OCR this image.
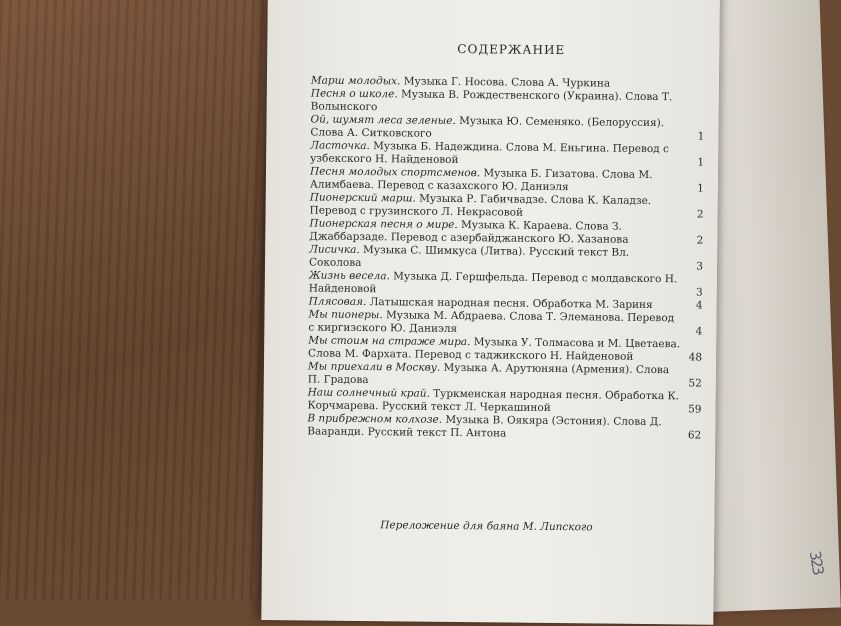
СОДЕРЖАНИЕ
Марш молодых. Музыка Г. Носова. Слова А. Чуркина
Песня о школе. Музыка В. Рождественского (Украина). Слова Т. Волынского
Ой, шумят леса зеленые. Музыка Ю. Семеняко. (Белоруссия). Слова А. Ситковского	1
Ласточка. Музыка Б. Надеждина. Слова М. Еньгина. Перевод с узбекского Н. Найденовой	1
Песня молодых спортсменов. Музыка Б. Гизатова. Слова М. Алимбаева. Перевод с казахского Ю. Даниэля	1
Пионерский марш. Музыка Р. Габичвадзе. Слова К. Каладзе. Перевод с грузинского Л. Некрасовой	2
Пионерская песня о мире. Музыка К. Караева. Слова З. Джаббарзаде. Перевод с азербайджанского Ю. Хазанова	2
Лисичка. Музыка С. Шимкуса (Литва). Русский текст Вл. Соколова	3
Жизнь весела. Музыка Д. Гершфельда. Перевод с молдавского Н. Найденовой	3
Плясовая. Латышская народная песня. Обработка М. Зариня	4
Мы пионеры. Музыка М. Абдраева. Слова Т. Элеманова. Перевод с киргизского Ю. Даниэля	4
Мы стоим на страже мира. Музыка У. Толмасова и М. Цветаева. Слова М. Фархата. Перевод с таджикского Н. Найденовой	48
Мы приехали в Москву. Музыка А. Арутюняна (Армения). Слова П. Градова	52
Наш солнечный край. Туркменская народная песня. Обработка К. Корчмарева. Русский текст Л. Черкашиной	59
В прибрежном колхозе. Музыка В. Оякяра (Эстония). Слова Д. Вааранди. Русский текст П. Антона	62
Переложение для баяна М. Липского
323
